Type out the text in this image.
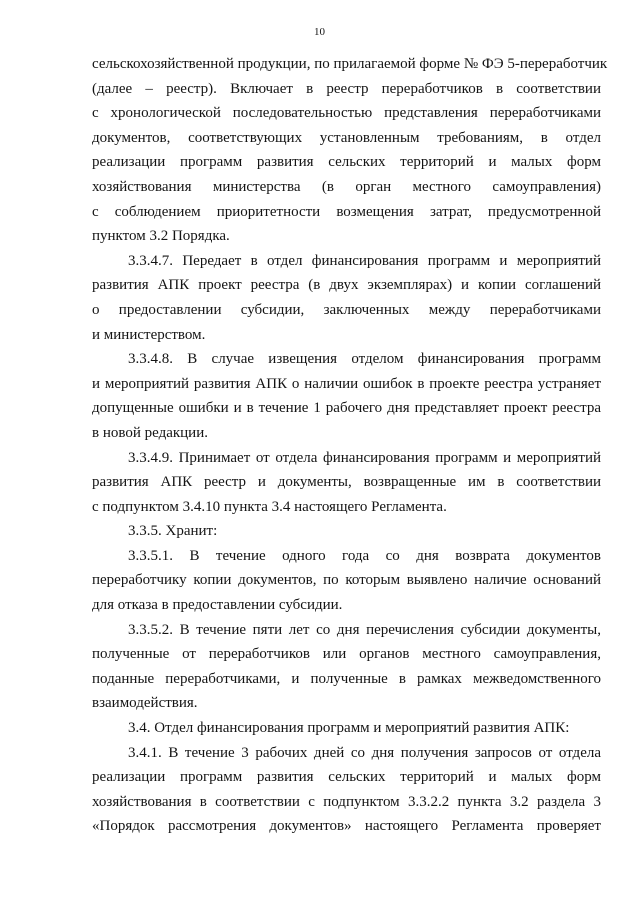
10
сельскохозяйственной продукции, по прилагаемой форме № ФЭ 5-переработчик
(далее – реестр). Включает в реестр переработчиков в соответствии
с хронологической последовательностью представления переработчиками
документов, соответствующих установленным требованиям, в отдел
реализации программ развития сельских территорий и малых форм
хозяйствования министерства (в орган местного самоуправления)
с соблюдением приоритетности возмещения затрат, предусмотренной
пунктом 3.2 Порядка.
3.3.4.7. Передает в отдел финансирования программ и мероприятий
развития АПК проект реестра (в двух экземплярах) и копии соглашений
о предоставлении субсидии, заключенных между переработчиками
и министерством.
3.3.4.8. В случае извещения отделом финансирования программ
и мероприятий развития АПК о наличии ошибок в проекте реестра устраняет
допущенные ошибки и в течение 1 рабочего дня представляет проект реестра
в новой редакции.
3.3.4.9. Принимает от отдела финансирования программ и мероприятий
развития АПК реестр и документы, возвращенные им в соответствии
с подпунктом 3.4.10 пункта 3.4 настоящего Регламента.
3.3.5. Хранит:
3.3.5.1. В течение одного года со дня возврата документов
переработчику копии документов, по которым выявлено наличие оснований
для отказа в предоставлении субсидии.
3.3.5.2. В течение пяти лет со дня перечисления субсидии документы,
полученные от переработчиков или органов местного самоуправления,
поданные переработчиками, и полученные в рамках межведомственного
взаимодействия.
3.4. Отдел финансирования программ и мероприятий развития АПК:
3.4.1. В течение 3 рабочих дней со дня получения запросов от отдела
реализации программ развития сельских территорий и малых форм
хозяйствования в соответствии с подпунктом 3.3.2.2 пункта 3.2 раздела 3
«Порядок рассмотрения документов» настоящего Регламента проверяет
